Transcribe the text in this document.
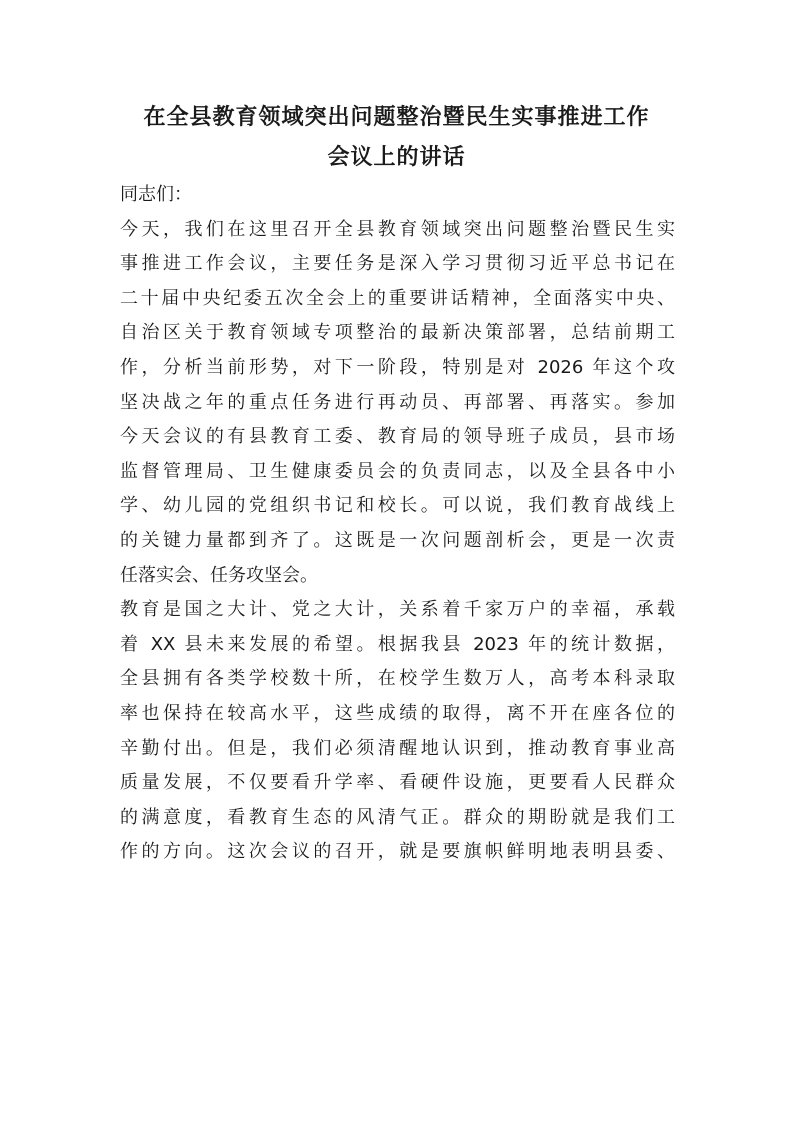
在全县教育领域突出问题整治暨民生实事推进工作
会议上的讲话
同志们：
今天，我们在这里召开全县教育领域突出问题整治暨民生实
事推进工作会议，主要任务是深入学习贯彻习近平总书记在
二十届中央纪委五次全会上的重要讲话精神，全面落实中央、
自治区关于教育领域专项整治的最新决策部署，总结前期工
作，分析当前形势，对下一阶段，特别是对 2026 年这个攻
坚决战之年的重点任务进行再动员、再部署、再落实。参加
今天会议的有县教育工委、教育局的领导班子成员，县市场
监督管理局、卫生健康委员会的负责同志，以及全县各中小
学、幼儿园的党组织书记和校长。可以说，我们教育战线上
的关键力量都到齐了。这既是一次问题剖析会，更是一次责
任落实会、任务攻坚会。
教育是国之大计、党之大计，关系着千家万户的幸福，承载
着 XX 县未来发展的希望。根据我县 2023 年的统计数据，
全县拥有各类学校数十所，在校学生数万人，高考本科录取
率也保持在较高水平，这些成绩的取得，离不开在座各位的
辛勤付出。但是，我们必须清醒地认识到，推动教育事业高
质量发展，不仅要看升学率、看硬件设施，更要看人民群众
的满意度，看教育生态的风清气正。群众的期盼就是我们工
作的方向。这次会议的召开，就是要旗帜鲜明地表明县委、
